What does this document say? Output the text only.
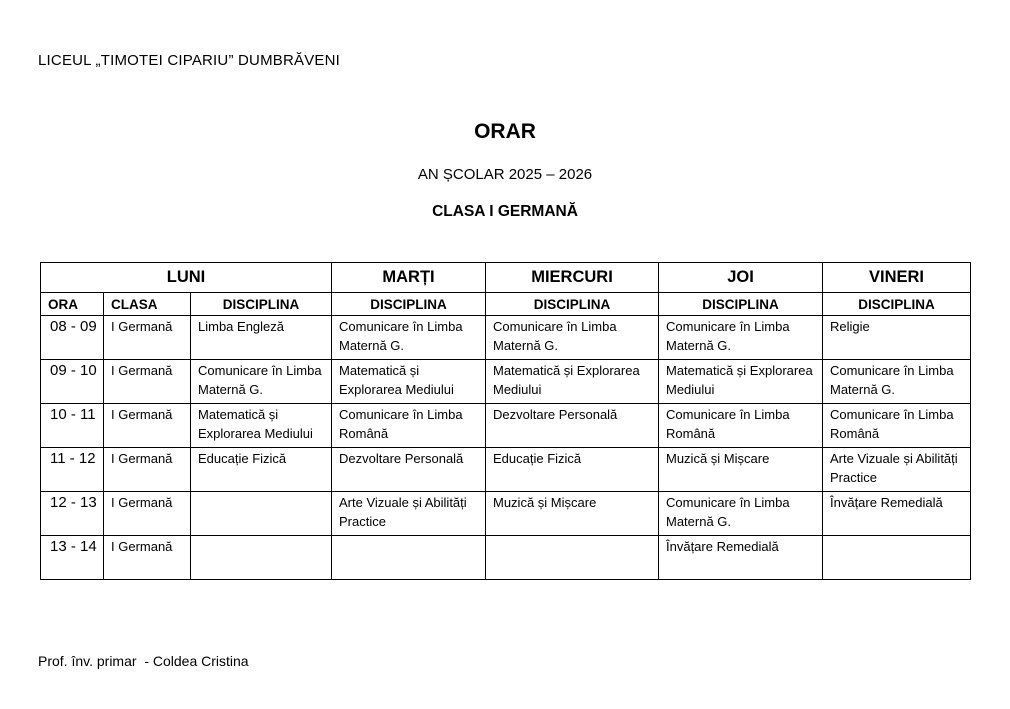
LICEUL „TIMOTEI CIPARIU” DUMBRĂVENI
ORAR
AN ȘCOLAR 2025 – 2026
CLASA I GERMANĂ
LUNI			MARȚI	MIERCURI	JOI	VINERI
ORA	CLASA	DISCIPLINA	DISCIPLINA	DISCIPLINA	DISCIPLINA	DISCIPLINA
08 - 09	I Germană	Limba Engleză	Comunicare în Limba Maternă G.	Comunicare în Limba Maternă G.	Comunicare în Limba Maternă G.	Religie
09 - 10	I Germană	Comunicare în Limba Maternă G.	Matematică și Explorarea Mediului	Matematică și Explorarea Mediului	Matematică și Explorarea Mediului	Comunicare în Limba Maternă G.
10 - 11	I Germană	Matematică și Explorarea Mediului	Comunicare în Limba Română	Dezvoltare Personală	Comunicare în Limba Română	Comunicare în Limba Română
11 - 12	I Germană	Educație Fizică	Dezvoltare Personală	Educație Fizică	Muzică și Mișcare	Arte Vizuale și Abilități Practice
12 - 13	I Germană		Arte Vizuale și Abilități Practice	Muzică și Mișcare	Comunicare în Limba Maternă G.	Învățare Remedială
13 - 14	I Germană				Învățare Remedială	
Prof. înv. primar  - Coldea Cristina
